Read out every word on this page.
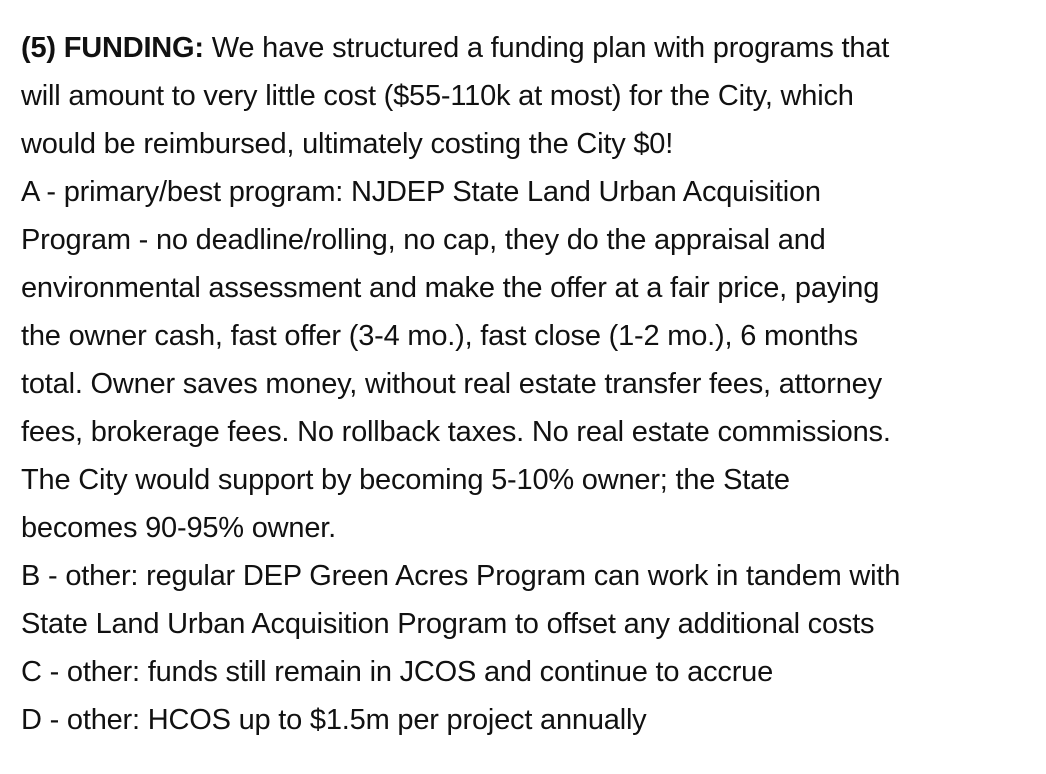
(5) FUNDING: We have structured a funding plan with programs that
will amount to very little cost ($55-110k at most) for the City, which
would be reimbursed, ultimately costing the City $0!
A - primary/best program: NJDEP State Land Urban Acquisition
Program - no deadline/rolling, no cap, they do the appraisal and
environmental assessment and make the offer at a fair price, paying
the owner cash, fast offer (3-4 mo.), fast close (1-2 mo.), 6 months
total. Owner saves money, without real estate transfer fees, attorney
fees, brokerage fees. No rollback taxes. No real estate commissions.
The City would support by becoming 5-10% owner; the State
becomes 90-95% owner.
B - other: regular DEP Green Acres Program can work in tandem with
State Land Urban Acquisition Program to offset any additional costs
C - other: funds still remain in JCOS and continue to accrue
D - other: HCOS up to $1.5m per project annually
